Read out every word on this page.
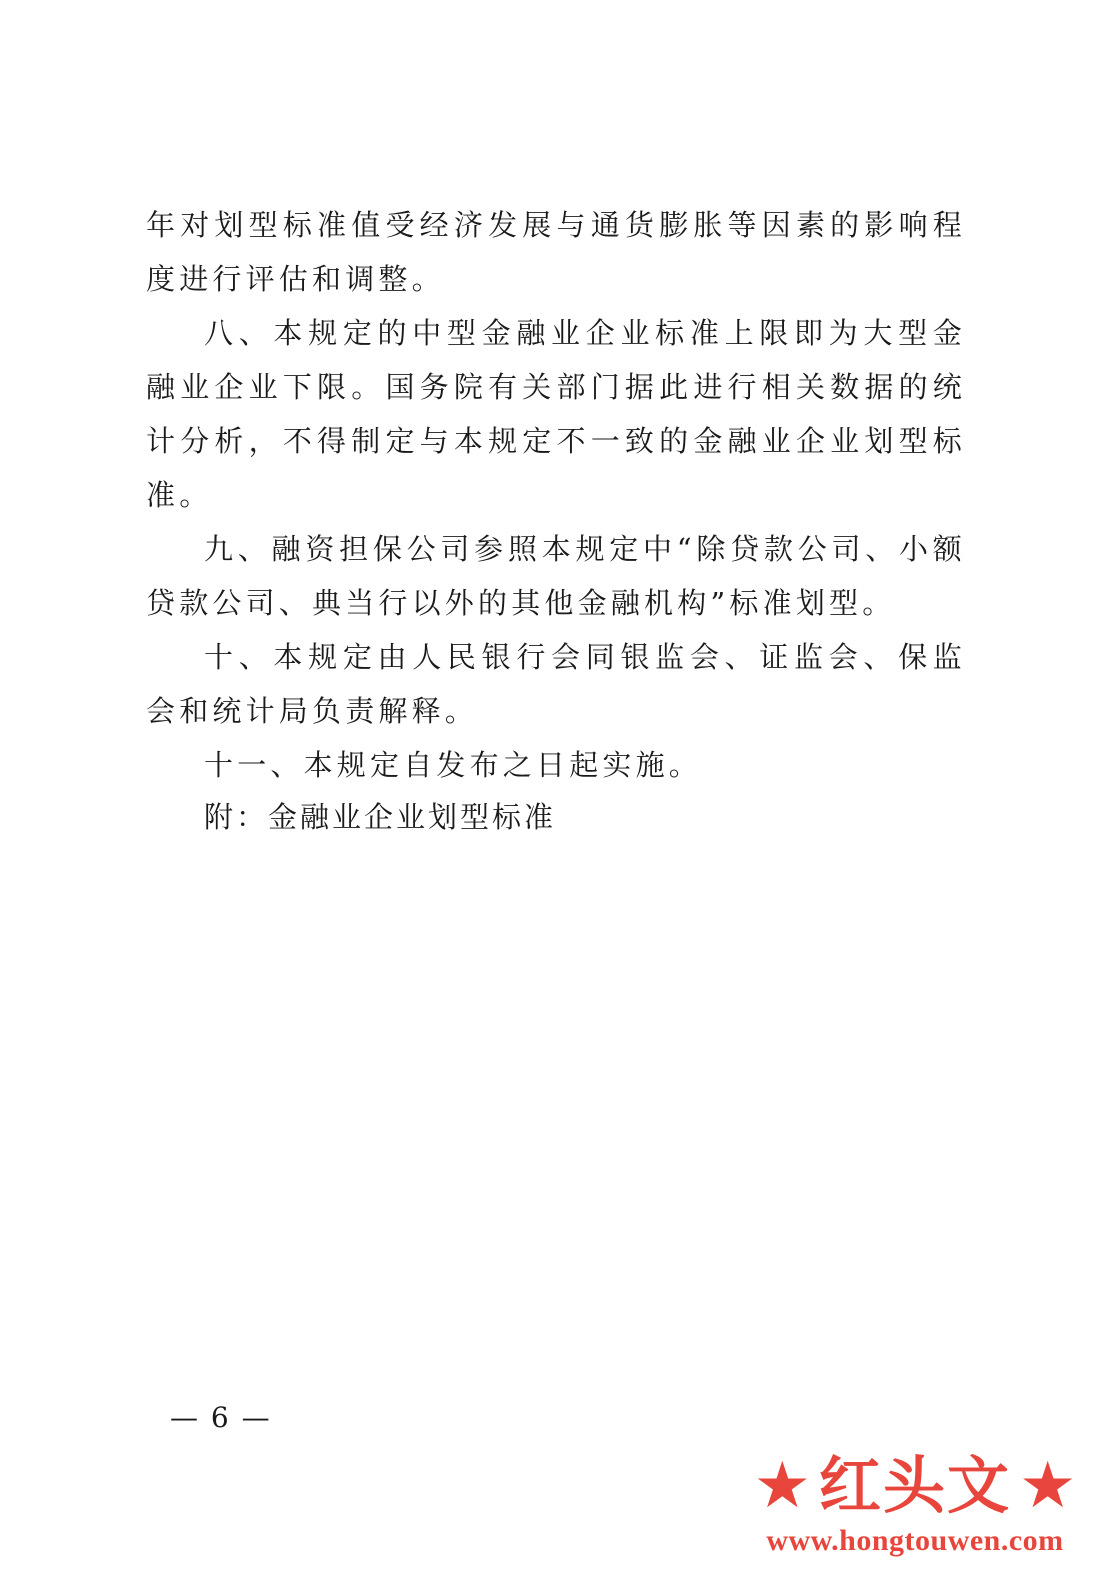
年对划型标准值受经济发展与通货膨胀等因素的影响程度进行评估和调整。

八、本规定的中型金融业企业标准上限即为大型金融业企业下限。国务院有关部门据此进行相关数据的统计分析，不得制定与本规定不一致的金融业企业划型标准。

九、融资担保公司参照本规定中“除贷款公司、小额贷款公司、典当行以外的其他金融机构”标准划型。

十、本规定由人民银行会同银监会、证监会、保监会和统计局负责解释。

十一、本规定自发布之日起实施。

附：金融业企业划型标准
— 6 —
★ 红头文 ★
www.hongtouwen.com
